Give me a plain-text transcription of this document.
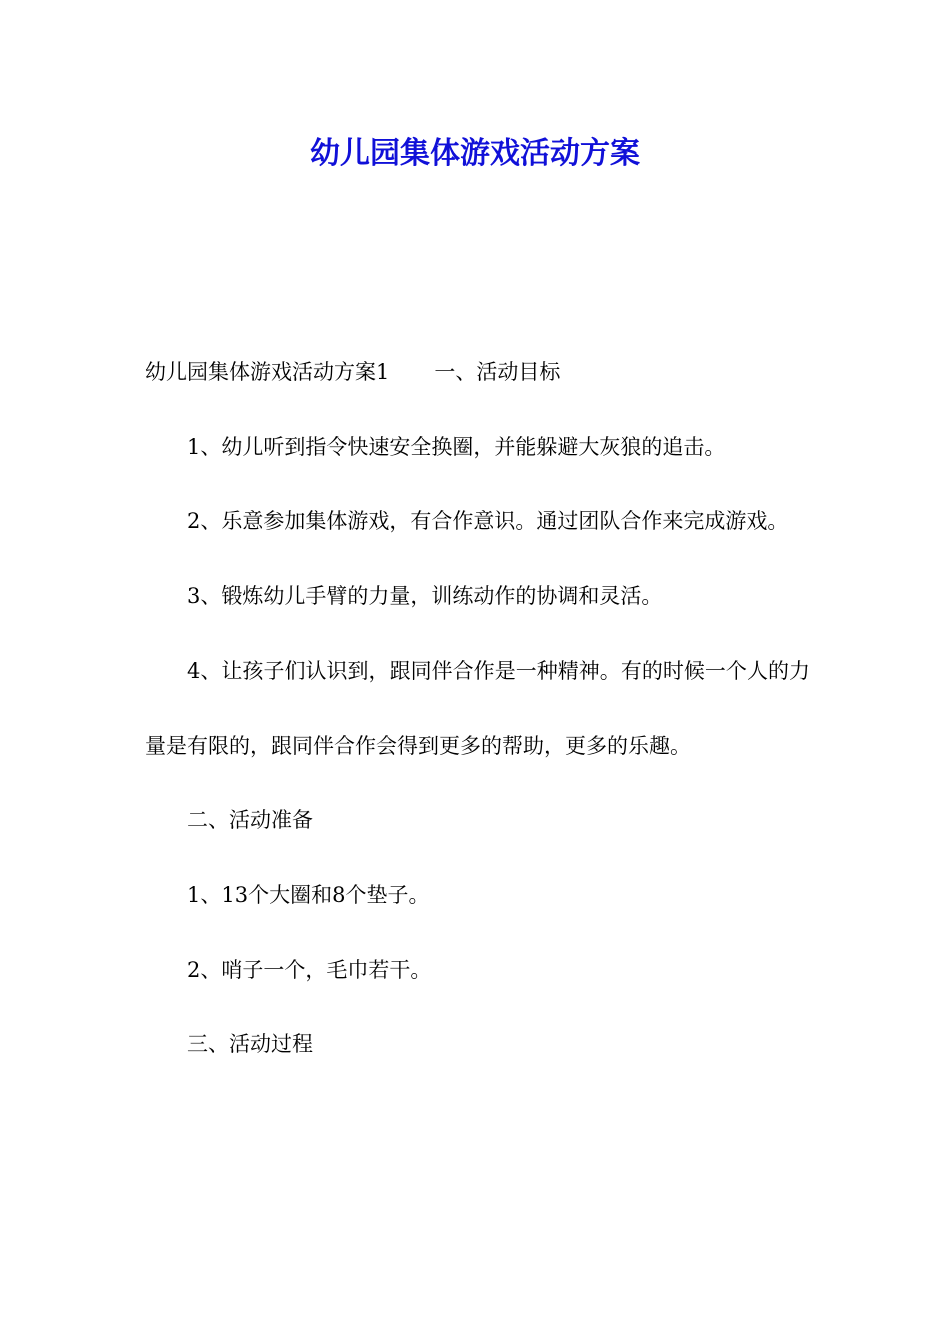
幼儿园集体游戏活动方案

幼儿园集体游戏活动方案1 一、活动目标

1、幼儿听到指令快速安全换圈，并能躲避大灰狼的追击。

2、乐意参加集体游戏，有合作意识。通过团队合作来完成游戏。

3、锻炼幼儿手臂的力量，训练动作的协调和灵活。

4、让孩子们认识到，跟同伴合作是一种精神。有的时候一个人的力量是有限的，跟同伴合作会得到更多的帮助，更多的乐趣。

二、活动准备

1、13个大圈和8个垫子。

2、哨子一个，毛巾若干。

三、活动过程
